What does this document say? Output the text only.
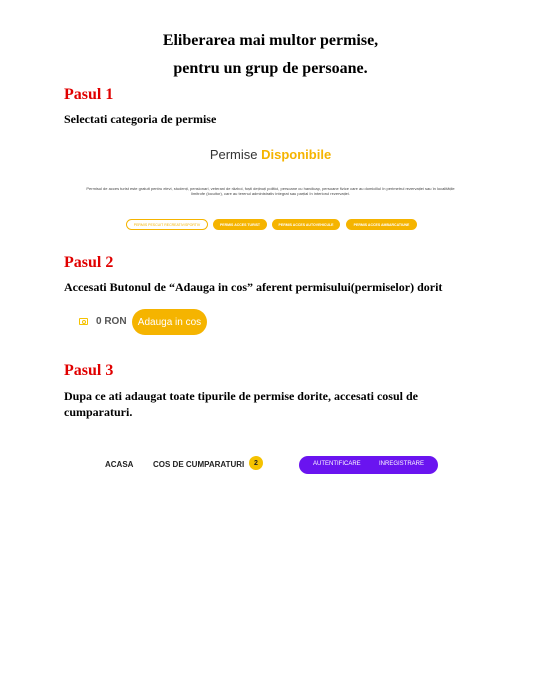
Eliberarea mai multor permise,
pentru un grup de persoane.
Pasul 1
Selectati categoria de permise
Permise Disponibile
Permisul de acces turist este gratuit pentru elevi, studenți, pensionari, veterani de război, foști deținuți politici, persoane cu handicap, persoane fizice care au domiciliul în perimetrul rezervației sau în localitățile limitrofe (locuitor), care au terenul administrativ integrat sau parțial în interiorul rezervației.
PERMIS PESCUIT RECREATIV/SPORTIV	PERMIS ACCES TURIST	PERMIS ACCES AUTOVEHICULE	PERMIS ACCES AMBARCATIUNE
Pasul 2
Accesati Butonul de “Adauga in cos” aferent permisului(permiselor) dorit
0 RON	Adauga in cos
Pasul 3
Dupa ce ati adaugat toate tipurile de permise dorite, accesati cosul de cumparaturi.
ACASA COS DE CUMPARATURI	2	AUTENTIFICARE	INREGISTRARE
